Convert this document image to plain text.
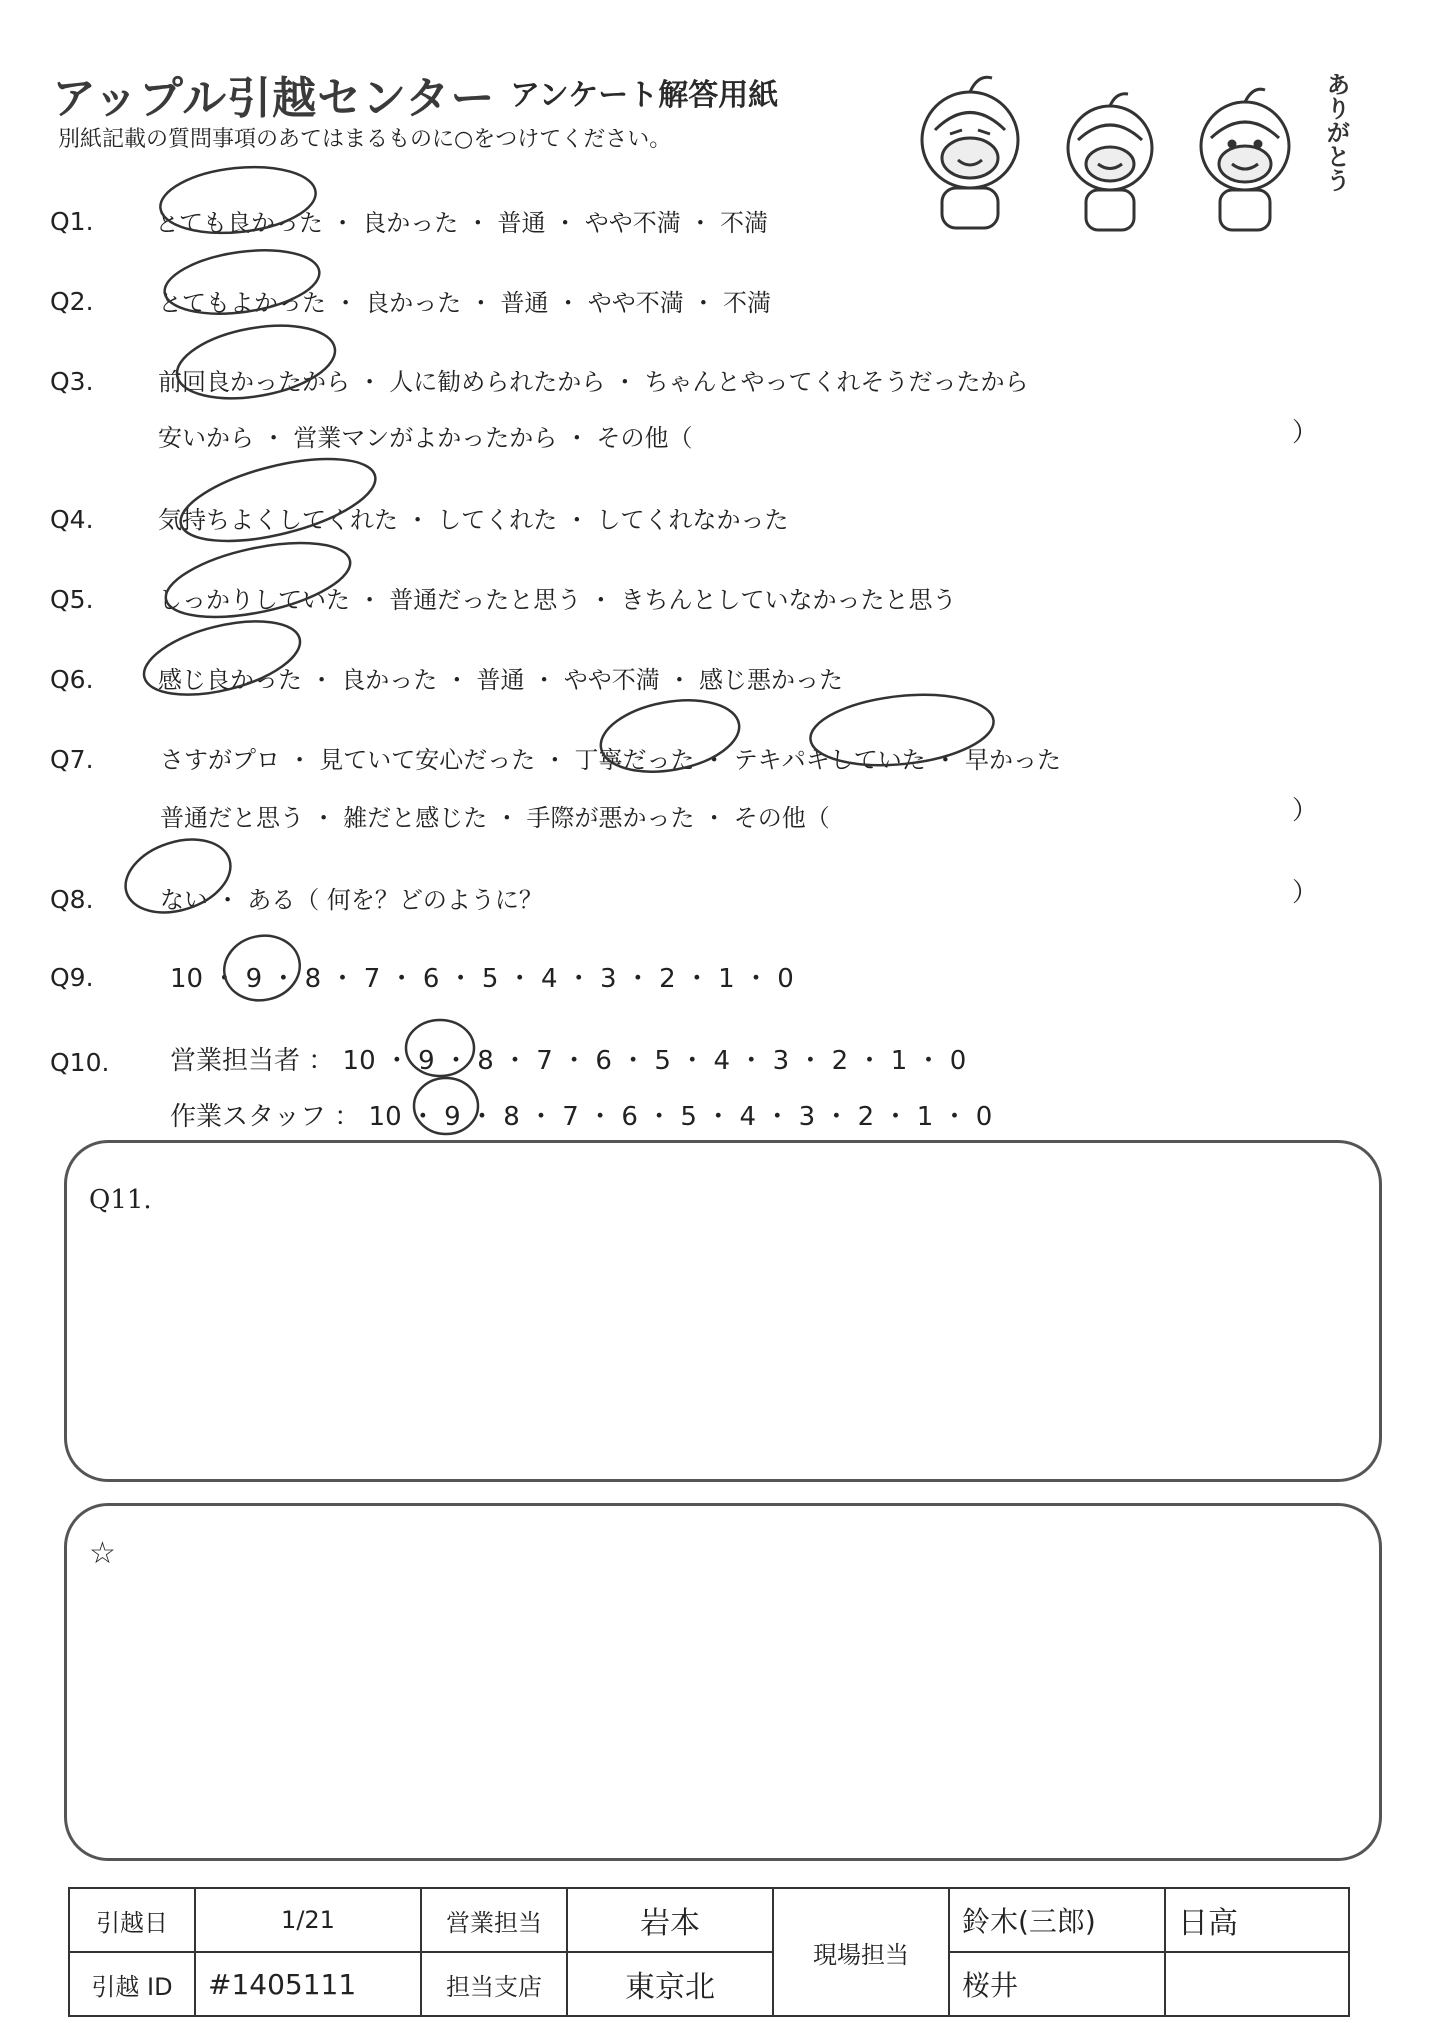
アップル引越センター アンケート解答用紙
別紙記載の質問事項のあてはまるものに○をつけてください。	ありがとう
Q1.	とても良かった ・ 良かった ・ 普通 ・ やや不満 ・ 不満
Q2.	とてもよかった ・ 良かった ・ 普通 ・ やや不満 ・ 不満
Q3.	前回良かったから ・ 人に勧められたから ・ ちゃんとやってくれそうだったから
安いから ・ 営業マンがよかったから ・ その他（	）
Q4.	気持ちよくしてくれた ・ してくれた ・ してくれなかった
Q5.	しっかりしていた ・ 普通だったと思う ・ きちんとしていなかったと思う
Q6.	感じ良かった ・ 良かった ・ 普通 ・ やや不満 ・ 感じ悪かった
Q7.	さすがプロ ・ 見ていて安心だった ・ 丁寧だった ・ テキパキしていた ・ 早かった
普通だと思う ・ 雑だと感じた ・ 手際が悪かった ・ その他（	）
Q8.	ない ・ ある（ 何を？どのように？	）
Q9.	10 ・ 9 ・ 8 ・ 7 ・ 6 ・ 5 ・ 4 ・ 3 ・ 2 ・ 1 ・ 0
Q10. 営業担当者 ： 10 ・ 9 ・ 8 ・ 7 ・ 6 ・ 5 ・ 4 ・ 3 ・ 2 ・ 1 ・ 0
作業スタッフ ： 10 ・ 9 ・ 8 ・ 7 ・ 6 ・ 5 ・ 4 ・ 3 ・ 2 ・ 1 ・ 0
Q11.
☆
引越日	1/21	営業担当	岩本	現場担当	鈴木(三郎)	日高
引越 ID	#1405111	担当支店	東京北		桜井	
